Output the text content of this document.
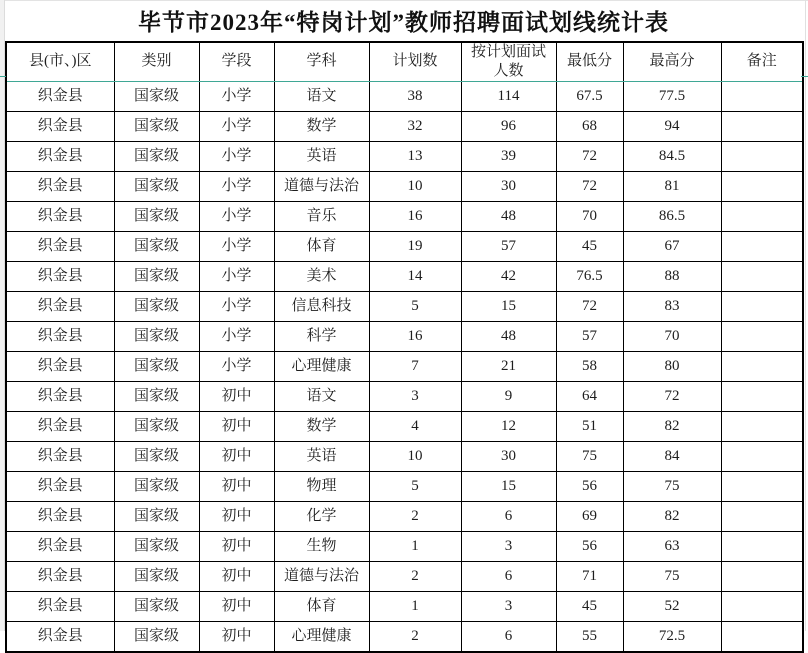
毕节市2023年“特岗计划”教师招聘面试划线统计表
县(市、)区	类别	学段	学科	计划数	按计划面试人数	最低分	最高分	备注
织金县	国家级	小学	语文	38	114	67.5	77.5	
织金县	国家级	小学	数学	32	96	68	94	
织金县	国家级	小学	英语	13	39	72	84.5	
织金县	国家级	小学	道德与法治	10	30	72	81	
织金县	国家级	小学	音乐	16	48	70	86.5	
织金县	国家级	小学	体育	19	57	45	67	
织金县	国家级	小学	美术	14	42	76.5	88	
织金县	国家级	小学	信息科技	5	15	72	83	
织金县	国家级	小学	科学	16	48	57	70	
织金县	国家级	小学	心理健康	7	21	58	80	
织金县	国家级	初中	语文	3	9	64	72	
织金县	国家级	初中	数学	4	12	51	82	
织金县	国家级	初中	英语	10	30	75	84	
织金县	国家级	初中	物理	5	15	56	75	
织金县	国家级	初中	化学	2	6	69	82	
织金县	国家级	初中	生物	1	3	56	63	
织金县	国家级	初中	道德与法治	2	6	71	75	
织金县	国家级	初中	体育	1	3	45	52	
织金县	国家级	初中	心理健康	2	6	55	72.5	
